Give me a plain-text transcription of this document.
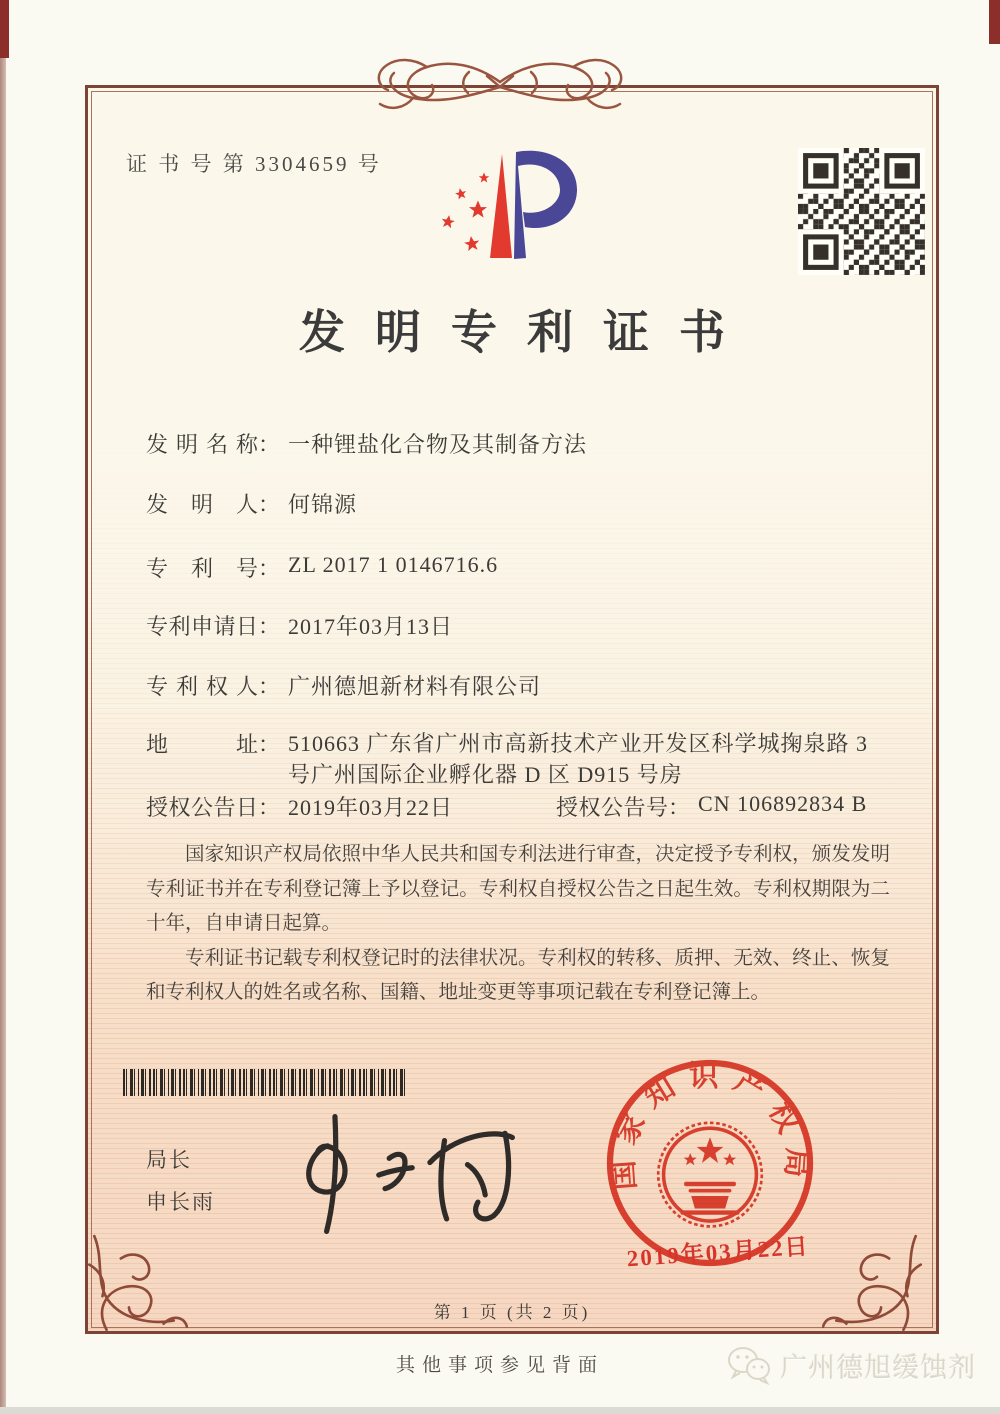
证 书 号 第 3304659 号
发明专利证书
发明名称： 一种锂盐化合物及其制备方法
发明人： 何锦源
专利号： ZL 2017 1 0146716.6
专利申请日： 2017年03月13日
专利权人： 广州德旭新材料有限公司
地址： 510663 广东省广州市高新技术产业开发区科学城掬泉路 3 号广州国际企业孵化器 D 区 D915 号房
授权公告日： 2019年03月22日	授权公告号： CN 106892834 B

国家知识产权局依照中华人民共和国专利法进行审查，决定授予专利权，颁发发明专利证书并在专利登记簿上予以登记。专利权自授权公告之日起生效。专利权期限为二十年，自申请日起算。

专利证书记载专利权登记时的法律状况。专利权的转移、质押、无效、终止、恢复和专利权人的姓名或名称、国籍、地址变更等事项记载在专利登记簿上。

局长
申长雨
国家知识产权局
2019年03月22日
第 1 页 (共 2 页)
其他事项参见背面	广州德旭缓蚀剂
